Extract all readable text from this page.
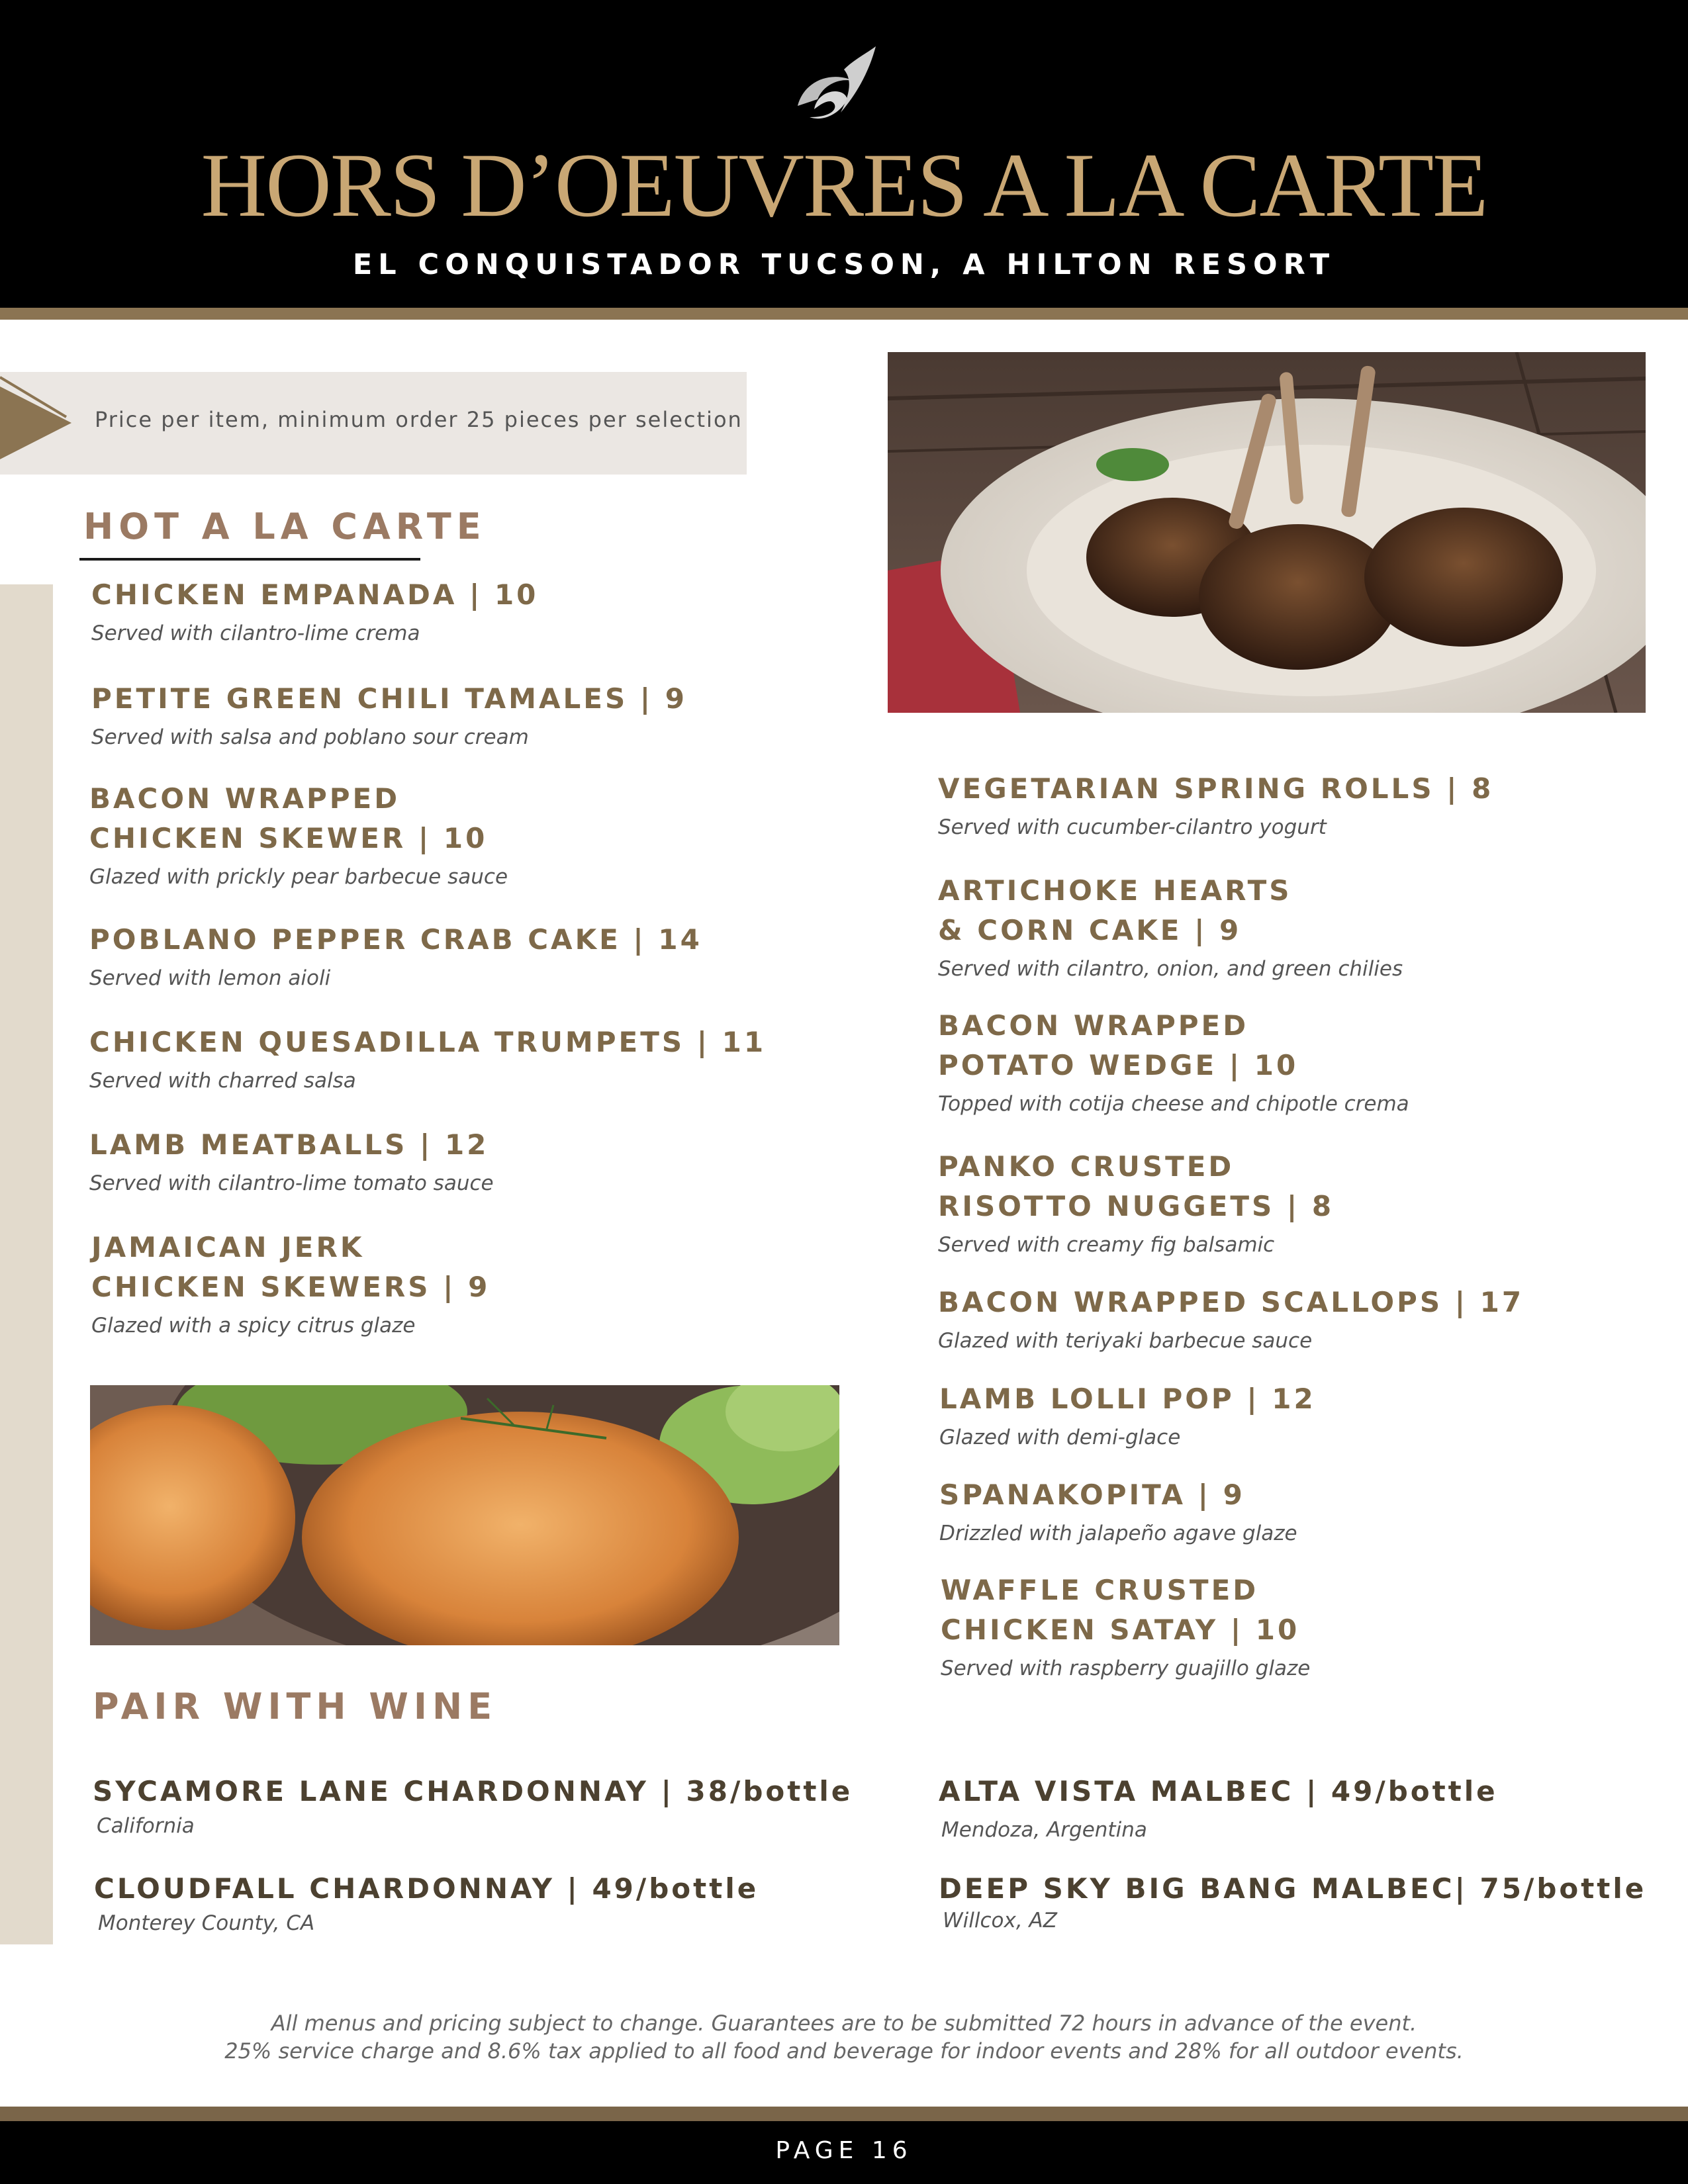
HORS D’OEUVRES A LA CARTE
EL CONQUISTADOR TUCSON, A HILTON RESORT
Price per item, minimum order 25 pieces per selection
HOT A LA CARTE
CHICKEN EMPANADA | 10
Served with cilantro-lime crema
PETITE GREEN CHILI TAMALES | 9
Served with salsa and poblano sour cream
BACON WRAPPED
CHICKEN SKEWER | 10
Glazed with prickly pear barbecue sauce
POBLANO PEPPER CRAB CAKE | 14
Served with lemon aioli
CHICKEN QUESADILLA TRUMPETS | 11
Served with charred salsa
LAMB MEATBALLS | 12
Served with cilantro-lime tomato sauce
JAMAICAN JERK
CHICKEN SKEWERS | 9
Glazed with a spicy citrus glaze
VEGETARIAN SPRING ROLLS | 8
Served with cucumber-cilantro yogurt
ARTICHOKE HEARTS
& CORN CAKE | 9
Served with cilantro, onion, and green chilies
BACON WRAPPED
POTATO WEDGE | 10
Topped with cotija cheese and chipotle crema
PANKO CRUSTED
RISOTTO NUGGETS | 8
Served with creamy fig balsamic
BACON WRAPPED SCALLOPS | 17
Glazed with teriyaki barbecue sauce
LAMB LOLLI POP | 12
Glazed with demi-glace
SPANAKOPITA | 9
Drizzled with jalapeño agave glaze
WAFFLE CRUSTED
CHICKEN SATAY | 10
Served with raspberry guajillo glaze
PAIR WITH WINE
SYCAMORE LANE CHARDONNAY | 38/bottle
California
CLOUDFALL CHARDONNAY | 49/bottle
Monterey County, CA
ALTA VISTA MALBEC | 49/bottle
Mendoza, Argentina
DEEP SKY BIG BANG MALBEC| 75/bottle
Willcox, AZ
All menus and pricing subject to change. Guarantees are to be submitted 72 hours in advance of the event.
25% service charge and 8.6% tax applied to all food and beverage for indoor events and 28% for all outdoor events.
PAGE 16
